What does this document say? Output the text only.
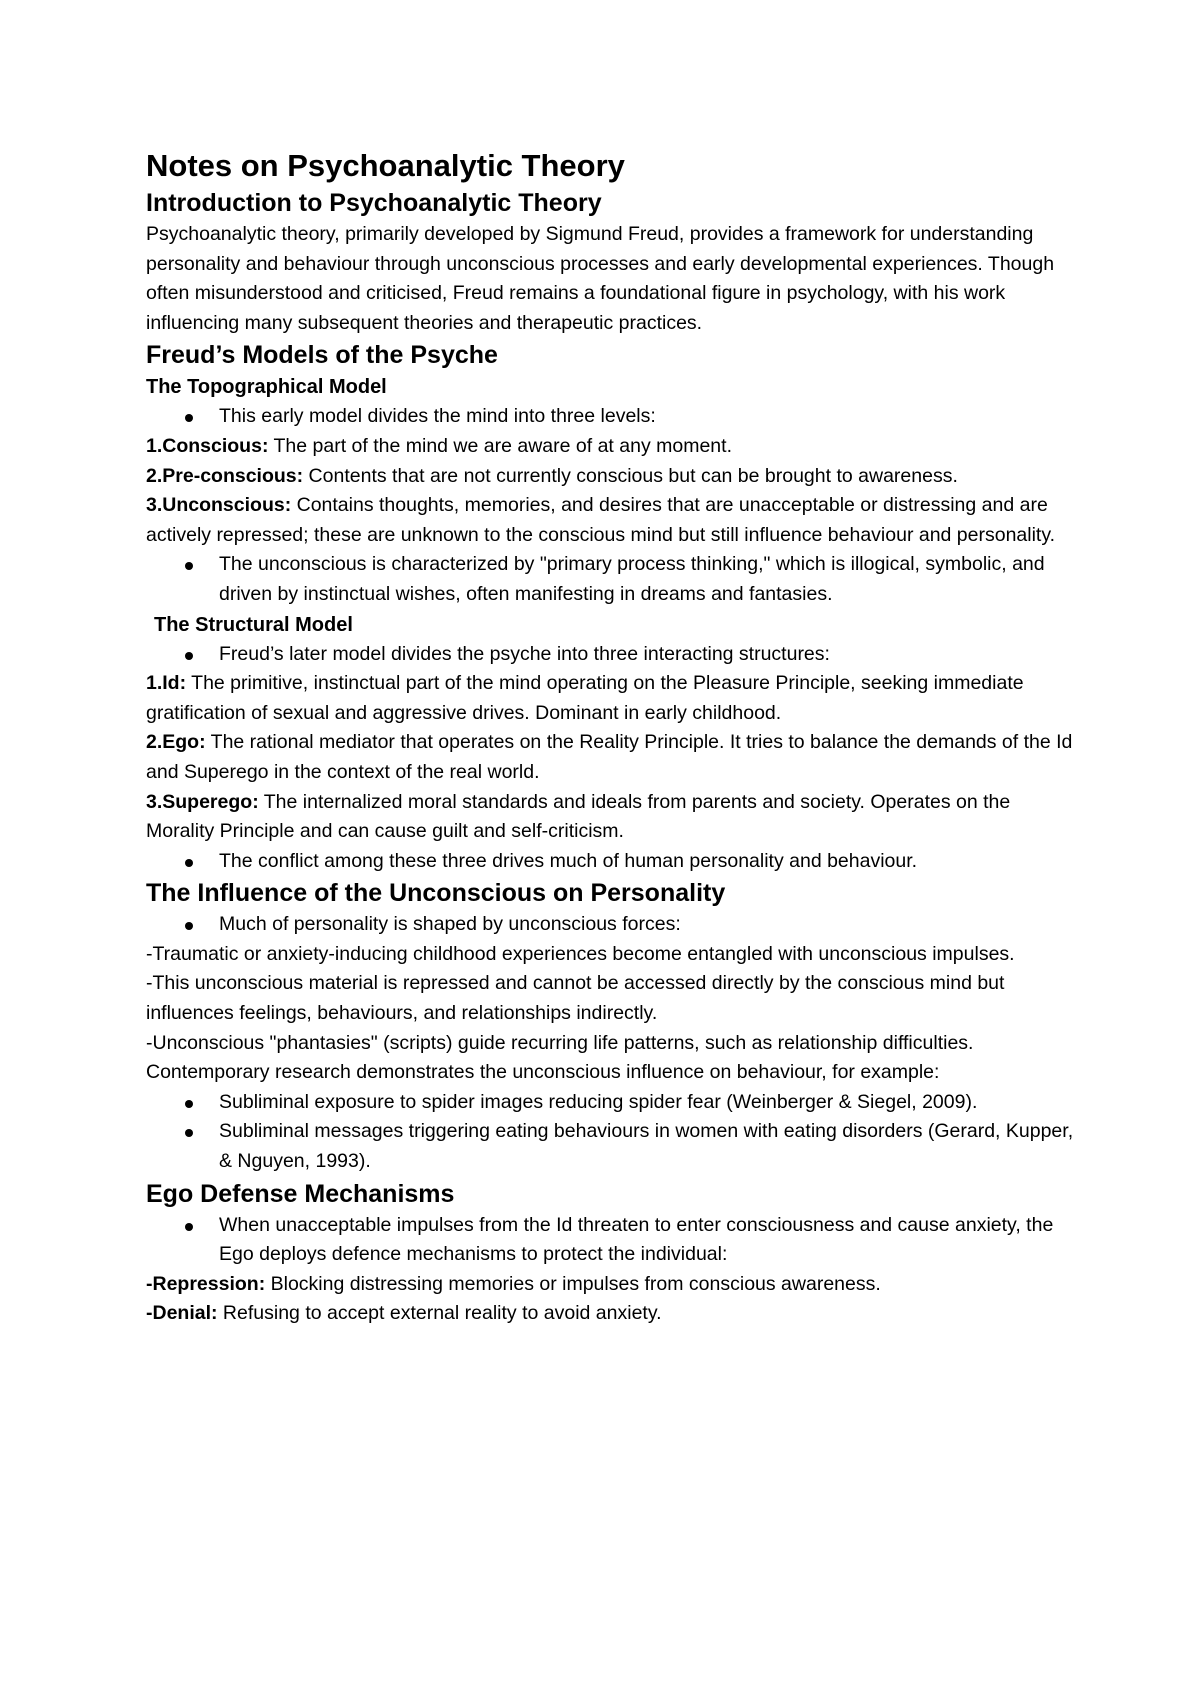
Notes on Psychoanalytic Theory
Introduction to Psychoanalytic Theory

Psychoanalytic theory, primarily developed by Sigmund Freud, provides a framework for understanding personality and behaviour through unconscious processes and early developmental experiences. Though often misunderstood and criticised, Freud remains a foundational figure in psychology, with his work influencing many subsequent theories and therapeutic practices.

Freud’s Models of the Psyche
The Topographical Model
This early model divides the mind into three levels:

1.Conscious: The part of the mind we are aware of at any moment.

2.Pre-conscious: Contents that are not currently conscious but can be brought to awareness.

3.Unconscious: Contains thoughts, memories, and desires that are unacceptable or distressing and are actively repressed; these are unknown to the conscious mind but still influence behaviour and personality.

The unconscious is characterized by "primary process thinking," which is illogical, symbolic, and driven by instinctual wishes, often manifesting in dreams and fantasies.
The Structural Model
Freud’s later model divides the psyche into three interacting structures:

1.Id: The primitive, instinctual part of the mind operating on the Pleasure Principle, seeking immediate gratification of sexual and aggressive drives. Dominant in early childhood.

2.Ego: The rational mediator that operates on the Reality Principle. It tries to balance the demands of the Id and Superego in the context of the real world.

3.Superego: The internalized moral standards and ideals from parents and society. Operates on the Morality Principle and can cause guilt and self-criticism.

The conflict among these three drives much of human personality and behaviour.
The Influence of the Unconscious on Personality
Much of personality is shaped by unconscious forces:

-Traumatic or anxiety-inducing childhood experiences become entangled with unconscious impulses.

-This unconscious material is repressed and cannot be accessed directly by the conscious mind but influences feelings, behaviours, and relationships indirectly.

-Unconscious "phantasies" (scripts) guide recurring life patterns, such as relationship difficulties.

Contemporary research demonstrates the unconscious influence on behaviour, for example:

Subliminal exposure to spider images reducing spider fear (Weinberger & Siegel, 2009).
Subliminal messages triggering eating behaviours in women with eating disorders (Gerard, Kupper, & Nguyen, 1993).
Ego Defense Mechanisms
When unacceptable impulses from the Id threaten to enter consciousness and cause anxiety, the Ego deploys defence mechanisms to protect the individual:

-Repression: Blocking distressing memories or impulses from conscious awareness.

-Denial: Refusing to accept external reality to avoid anxiety.
